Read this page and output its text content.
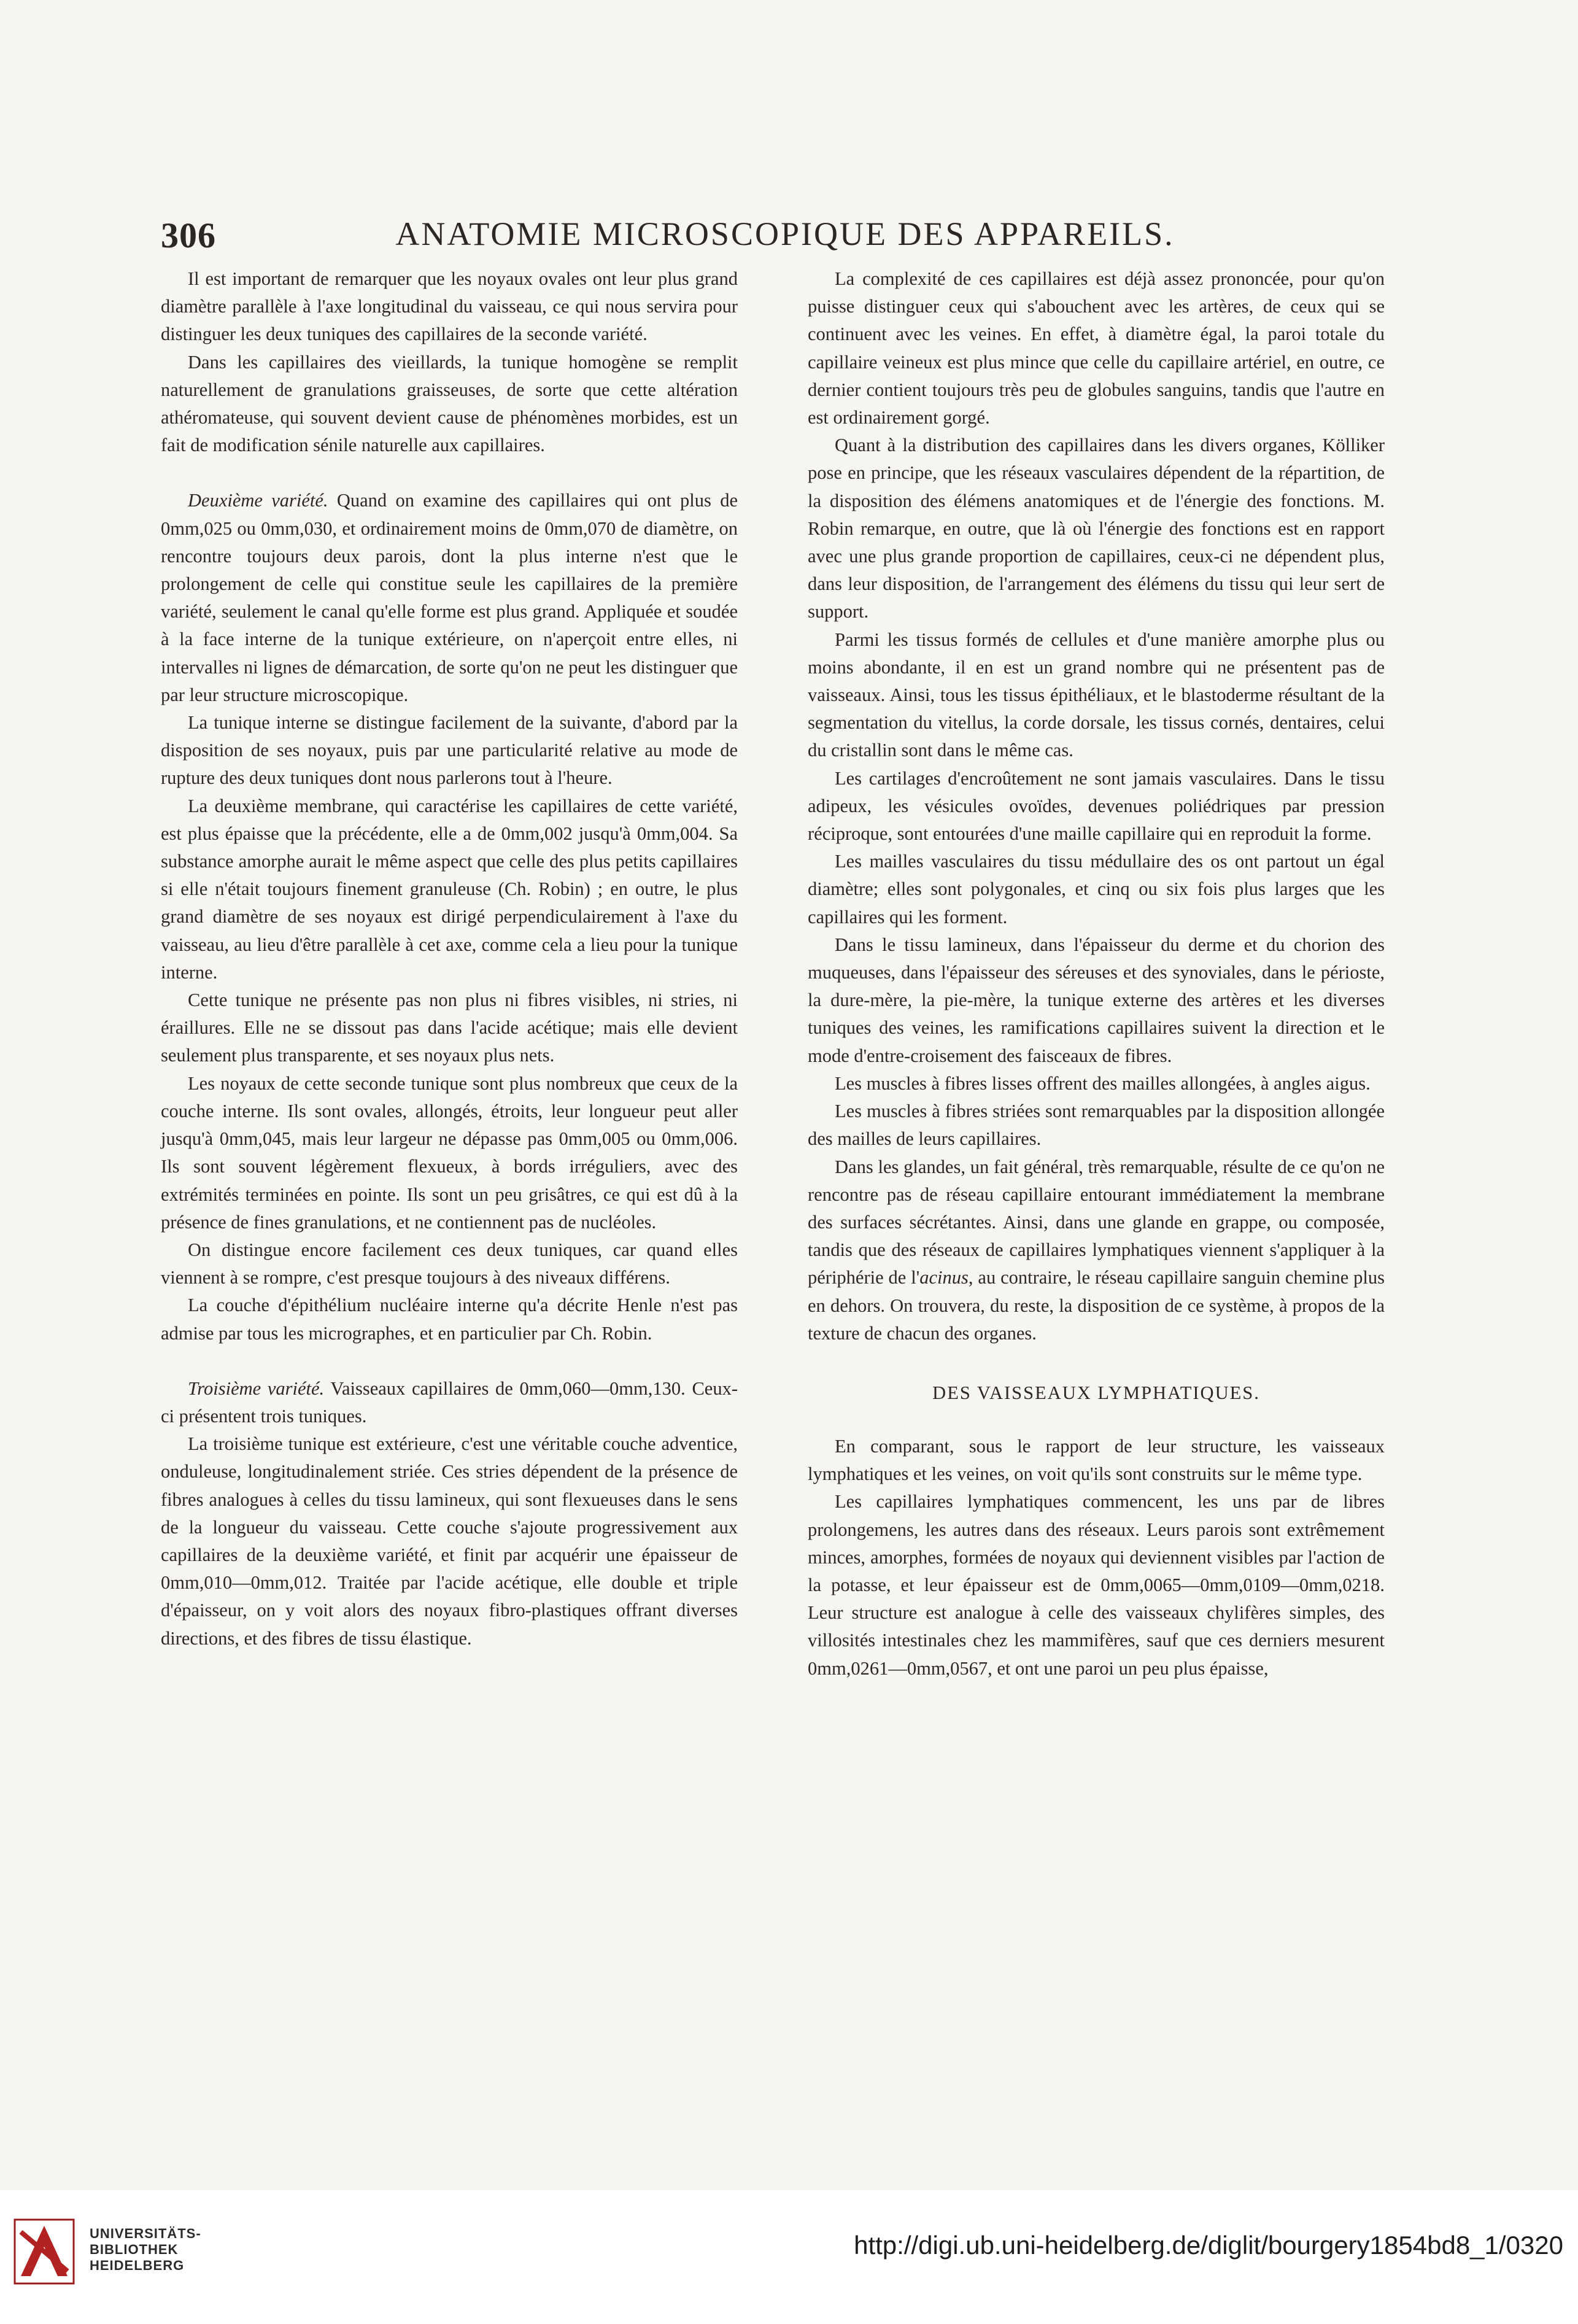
ANATOMIE MICROSCOPIQUE DES APPAREILS.
306

Il est important de remarquer que les noyaux ovales ont leur plus grand diamètre parallèle à l'axe longitudinal du vaisseau, ce qui nous servira pour distinguer les deux tuniques des capillaires de la seconde variété.

Dans les capillaires des vieillards, la tunique homogène se remplit naturellement de granulations graisseuses, de sorte que cette altération athéromateuse, qui souvent devient cause de phénomènes morbides, est un fait de modification sénile naturelle aux capillaires.

Deuxième variété. Quand on examine des capillaires qui ont plus de 0mm,025 ou 0mm,030, et ordinairement moins de 0mm,070 de diamètre, on rencontre toujours deux parois, dont la plus interne n'est que le prolongement de celle qui constitue seule les capillaires de la première variété, seulement le canal qu'elle forme est plus grand. Appliquée et soudée à la face interne de la tunique extérieure, on n'aperçoit entre elles, ni intervalles ni lignes de démarcation, de sorte qu'on ne peut les distinguer que par leur structure microscopique.

La tunique interne se distingue facilement de la suivante, d'abord par la disposition de ses noyaux, puis par une particularité relative au mode de rupture des deux tuniques dont nous parlerons tout à l'heure.

La deuxième membrane, qui caractérise les capillaires de cette variété, est plus épaisse que la précédente, elle a de 0mm,002 jusqu'à 0mm,004. Sa substance amorphe aurait le même aspect que celle des plus petits capillaires si elle n'était toujours finement granuleuse (Ch. Robin) ; en outre, le plus grand diamètre de ses noyaux est dirigé perpendiculairement à l'axe du vaisseau, au lieu d'être parallèle à cet axe, comme cela a lieu pour la tunique interne.

Cette tunique ne présente pas non plus ni fibres visibles, ni stries, ni éraillures. Elle ne se dissout pas dans l'acide acétique; mais elle devient seulement plus transparente, et ses noyaux plus nets.

Les noyaux de cette seconde tunique sont plus nombreux que ceux de la couche interne. Ils sont ovales, allongés, étroits, leur longueur peut aller jusqu'à 0mm,045, mais leur largeur ne dépasse pas 0mm,005 ou 0mm,006. Ils sont souvent légèrement flexueux, à bords irréguliers, avec des extrémités terminées en pointe. Ils sont un peu grisâtres, ce qui est dû à la présence de fines granulations, et ne contiennent pas de nucléoles.

On distingue encore facilement ces deux tuniques, car quand elles viennent à se rompre, c'est presque toujours à des niveaux différens.

La couche d'épithélium nucléaire interne qu'a décrite Henle n'est pas admise par tous les micrographes, et en particulier par Ch. Robin.

Troisième variété. Vaisseaux capillaires de 0mm,060—0mm,130. Ceux-ci présentent trois tuniques.

La troisième tunique est extérieure, c'est une véritable couche adventice, onduleuse, longitudinalement striée. Ces stries dépendent de la présence de fibres analogues à celles du tissu lamineux, qui sont flexueuses dans le sens de la longueur du vaisseau. Cette couche s'ajoute progressivement aux capillaires de la deuxième variété, et finit par acquérir une épaisseur de 0mm,010—0mm,012. Traitée par l'acide acétique, elle double et triple d'épaisseur, on y voit alors des noyaux fibro-plastiques offrant diverses directions, et des fibres de tissu élastique.

La complexité de ces capillaires est déjà assez prononcée, pour qu'on puisse distinguer ceux qui s'abouchent avec les artères, de ceux qui se continuent avec les veines. En effet, à diamètre égal, la paroi totale du capillaire veineux est plus mince que celle du capillaire artériel, en outre, ce dernier contient toujours très peu de globules sanguins, tandis que l'autre en est ordinairement gorgé.

Quant à la distribution des capillaires dans les divers organes, Kölliker pose en principe, que les réseaux vasculaires dépendent de la répartition, de la disposition des élémens anatomiques et de l'énergie des fonctions. M. Robin remarque, en outre, que là où l'énergie des fonctions est en rapport avec une plus grande proportion de capillaires, ceux-ci ne dépendent plus, dans leur disposition, de l'arrangement des élémens du tissu qui leur sert de support.

Parmi les tissus formés de cellules et d'une manière amorphe plus ou moins abondante, il en est un grand nombre qui ne présentent pas de vaisseaux. Ainsi, tous les tissus épithéliaux, et le blastoderme résultant de la segmentation du vitellus, la corde dorsale, les tissus cornés, dentaires, celui du cristallin sont dans le même cas.

Les cartilages d'encroûtement ne sont jamais vasculaires. Dans le tissu adipeux, les vésicules ovoïdes, devenues poliédriques par pression réciproque, sont entourées d'une maille capillaire qui en reproduit la forme.

Les mailles vasculaires du tissu médullaire des os ont partout un égal diamètre; elles sont polygonales, et cinq ou six fois plus larges que les capillaires qui les forment.

Dans le tissu lamineux, dans l'épaisseur du derme et du chorion des muqueuses, dans l'épaisseur des séreuses et des synoviales, dans le périoste, la dure-mère, la pie-mère, la tunique externe des artères et les diverses tuniques des veines, les ramifications capillaires suivent la direction et le mode d'entre-croisement des faisceaux de fibres.

Les muscles à fibres lisses offrent des mailles allongées, à angles aigus.

Les muscles à fibres striées sont remarquables par la disposition allongée des mailles de leurs capillaires.

Dans les glandes, un fait général, très remarquable, résulte de ce qu'on ne rencontre pas de réseau capillaire entourant immédiatement la membrane des surfaces sécrétantes. Ainsi, dans une glande en grappe, ou composée, tandis que des réseaux de capillaires lymphatiques viennent s'appliquer à la périphérie de l'acinus, au contraire, le réseau capillaire sanguin chemine plus en dehors. On trouvera, du reste, la disposition de ce système, à propos de la texture de chacun des organes.

DES VAISSEAUX LYMPHATIQUES.

En comparant, sous le rapport de leur structure, les vaisseaux lymphatiques et les veines, on voit qu'ils sont construits sur le même type.

Les capillaires lymphatiques commencent, les uns par de libres prolongemens, les autres dans des réseaux. Leurs parois sont extrêmement minces, amorphes, formées de noyaux qui deviennent visibles par l'action de la potasse, et leur épaisseur est de 0mm,0065—0mm,0109—0mm,0218. Leur structure est analogue à celle des vaisseaux chylifères simples, des villosités intestinales chez les mammifères, sauf que ces derniers mesurent 0mm,0261—0mm,0567, et ont une paroi un peu plus épaisse,

UNIVERSITÄTS-
BIBLIOTHEK
HEIDELBERG
http://digi.ub.uni-heidelberg.de/diglit/bourgery1854bd8_1/0320
